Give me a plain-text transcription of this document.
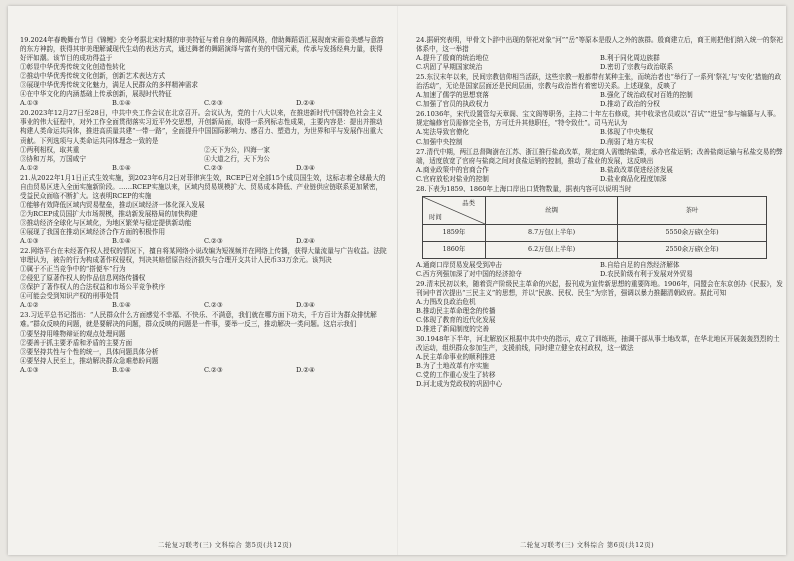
19.2024年春晚舞台节目《锦鲤》充分考据北宋时期的审美特征与着自身的舞蹈风格，借助舞蹈语汇展现南宋画卷美感与意韵的东方神韵，获得其审美理解诚现代生动的表达方式，通过舞者的舞蹈演绎与富有美的中国元素，传承与发扬经典力量，获得好评如潮。该节目的成功得益于

①彰显中华优秀传统文化创造性转化

②推动中华优秀传统文化创新，创新艺术表达方式

③展现中华优秀传统文化魅力，满足人民群众的多样精神需求

④在中华文化的内涵基础上传承创新，展现时代特征

A.①③	B.①④	C.②③	D.②④

20.2023年12月27日至28日，中共中央工作会议在北京召开。会议认为，党的十八大以来，在推进新时代中国特色社会主义事业的伟大征程中，对外工作全面贯彻落实习近平外交思想，开创新局面，取得一系列标志性成果，主要内容是：提出并推动构建人类命运共同体，推进高质量共建“一带一路”，全面提升中国国际影响力、感召力、塑造力，为世界和平与发展作出重大贡献。下列选项与人类命运共同体理念一致的是

①两利相权，取其重	②天下为公，四海一家
③协和万邦，万国咸宁	④大道之行，天下为公
A.①②	B.①④	C.②③	D.③④

21.从2022年1月1日正式生效实施，到2023年6月2日对菲律宾生效，RCEP已对全部15个成员国生效，这标志着全球最大的自由贸易区进入全面实施新阶段。……RCEP实施以来，区域内贸易规模扩大、贸易成本降低、产业链供应链联系更加紧密，受益民众面临不断扩大。这表明RCEP的实施

①能够有效降低区域内贸易壁垒，推动区域经济一体化深入发展

②为RCEP成员国扩大市场规模，推动新发展格局的加快构建

③推动经济全球化与区域化，为地区繁荣与稳定提供新动能

④展现了我国在推动区域经济合作方面的积极作用

A.①③	B.①④	C.②③	D.②④

22.网络平台在未经著作权人授权的情况下，擅自将某网络小说改编为短视频并在网络上传播，获得大量流量与广告收益。法院审理认为，被告的行为构成著作权侵权，判决其赔偿原告经济损失与合理开支共计人民币33万余元。该判决

①属于不正当竞争中的“搭便车”行为

②侵犯了原著作权人的作品信息网络传播权

③保护了著作权人的合法权益和市场公平竞争秩序

④可能会受到知识产权的刑事处罚

A.①②	B.①④	C.②③	D.③④

23.习近平总书记指出：“人民群众什么方面感觉不幸福、不快乐、不满意，我们就在哪方面下功夫，千方百计为群众排忧解难。”群众反映的问题，就是要解决的问题，群众反映的问题是一件事，要举一反三，推动解决一类问题。这启示我们

①要坚持用唯物辩证的观点处理问题

②要善于抓主要矛盾和矛盾的主要方面

③要坚持共性与个性的统一，具体问题具体分析

④要坚持人民至上，推动解决群众急难愁盼问题

A.①③	B.①④	C.②③	D.②④
二轮复习联考(三) 文科综合 第5页(共12页)

24.据研究表明，甲骨文卜辞中出现的祭祀对象“河”“岳”等原本是殷人之外的族群。殷商建立后，商王则把他们纳入统一的祭祀体系中，这一举措

A.提升了殷商的统治地位	B.利于同化周边族群
C.巩固了早期国家统治	D.密切了宗教与政治联系

25.东汉末年以来，民间宗教信仰相当活跃，这些宗教一般都带有某种主张，而统治者也“举行了一系列‘祭礼’与‘安化’措施的政治活动”，无论是国家层面还是民间层面，宗教与政治皆有着密切关系。上述现象，反映了

A.加速了儒学的思想衰落	B.强化了统治政权对百姓的控制
C.加强了官员的执政权力	D.推动了政治的分权

26.1036年，宋代设置管勾天章阁、宝文阁等职务，主持二十年左右修成，其中收录官员或以“召试”“进呈”参与编纂与人事。规定编修官员需修完全书，方可迁升其他职任，“特令致仕”。司马光认为

A.宪法导致官僚化	B.体现了中央集权
C.加强中央控制	D.削弱了地方实权

27.清代中期，两江总督陶澍在江苏、浙江推行盐政改革，规定商人需缴纳盐课，承办官盐运销；改善盐商运输与私盐交易的弊端，适度放宽了官府与盐商之间对食盐运销的控制，推动了盐业的发展，这反映出

A.商业政策中的官商合作	B.盐政改革促进经济发展
C.官府放松对盐业的控制	D.盐业商品化程度加深

28.下表为1859、1860年上海口岸出口货物数量，据表内容可以说明当时

品类
时间	丝绸	茶叶
1859年	8.7万包(上半年)	5550余万磅(全年)
1860年	6.2万包(上半年)	2550余万磅(全年)
A.通商口岸贸易发展受到冲击	B.自给自足的自然经济解体
C.西方列强加深了对中国的经济掠夺	D.农民阶级有利于发展对外贸易

29.清末民初以来，随着资产阶级民主革命的兴起，报刊成为宣传新思想的重要阵地。1906年，同盟会在东京创办《民报》，发刊词中首次提出“三民主义”的思想，并以“民族、民权、民生”为宗旨，强调以暴力推翻清朝政府。据此可知

A.力图改良政治危机

B.推动民主革命理念的传播

C.体现了教育的近代化发展

D.推进了新闻制度的完善

30.1948年下半年，河北解放区根据中共中央的指示，成立了训练班，抽调干部从事土地改革，在华北地区开展轰轰烈烈的土改运动，组织群众参加生产，支援前线，同时建立健全农村政权，这一做法

A.民主革命事业的顺利推进

B.为了土地改革有序实施

C.党的工作重心发生了转移

D.河北成为党政权的巩固中心

二轮复习联考(三) 文科综合 第6页(共12页)
